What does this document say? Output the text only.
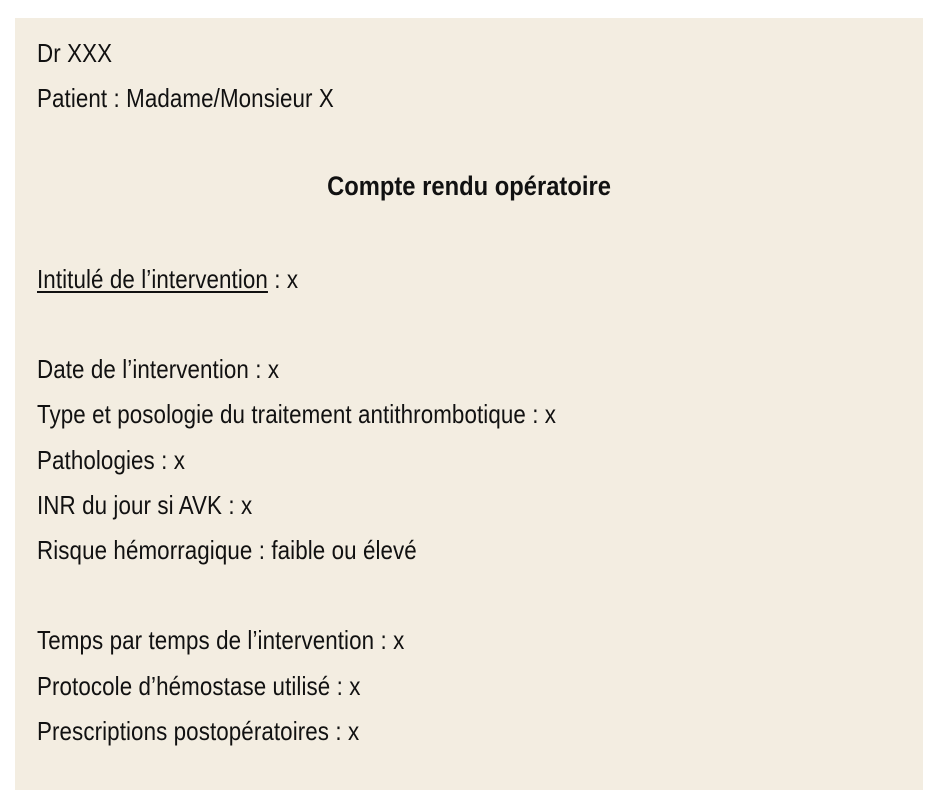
Dr XXX
Patient : Madame/Monsieur X
Compte rendu opératoire
Intitulé de l’intervention : x
Date de l’intervention : x
Type et posologie du traitement antithrombotique : x
Pathologies : x
INR du jour si AVK : x
Risque hémorragique : faible ou élevé
Temps par temps de l’intervention : x
Protocole d’hémostase utilisé : x
Prescriptions postopératoires : x
